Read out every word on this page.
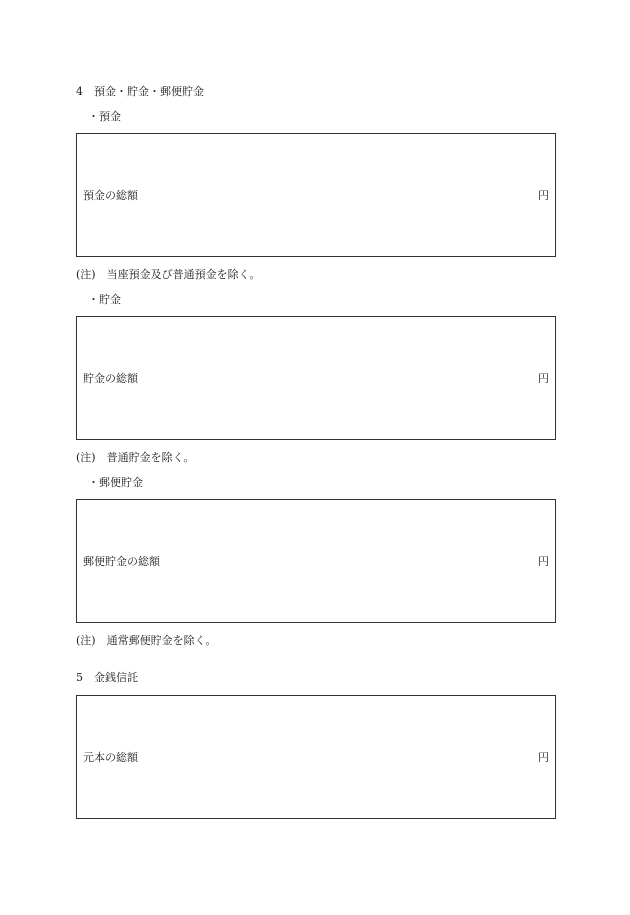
4　預金・貯金・郵便貯金
・預金
預金の総額	円
(注)　当座預金及び普通預金を除く。
・貯金
貯金の総額	円
(注)　普通貯金を除く。
・郵便貯金
郵便貯金の総額	円
(注)　通常郵便貯金を除く。
5　金銭信託
元本の総額	円
